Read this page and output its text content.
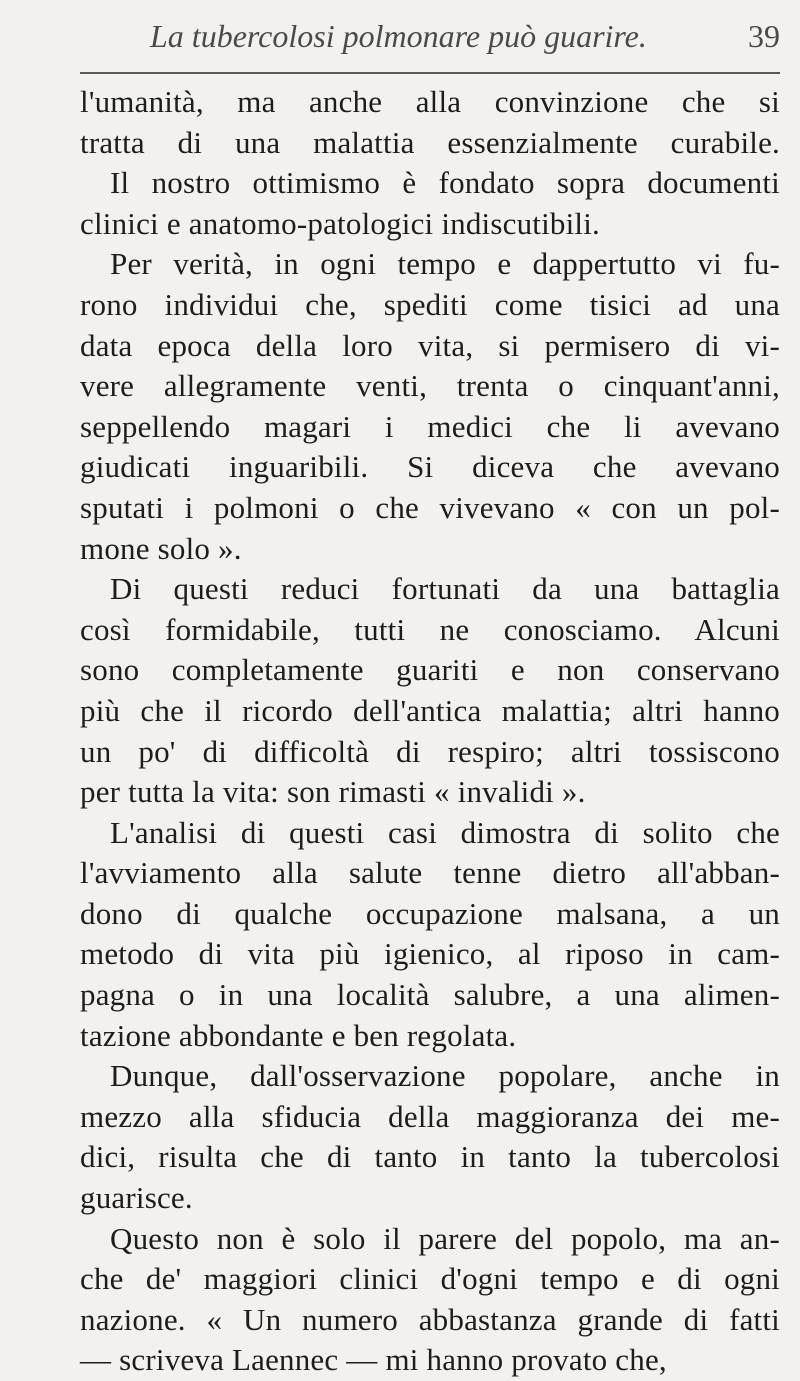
La tubercolosi polmonare può guarire.	39
l'umanità, ma anche alla convinzione che si
tratta di una malattia essenzialmente curabile.
Il nostro ottimismo è fondato sopra documenti
clinici e anatomo-patologici indiscutibili.
Per verità, in ogni tempo e dappertutto vi fu-
rono individui che, spediti come tisici ad una
data epoca della loro vita, si permisero di vi-
vere allegramente venti, trenta o cinquant'anni,
seppellendo magari i medici che li avevano
giudicati inguaribili. Si diceva che avevano
sputati i polmoni o che vivevano « con un pol-
mone solo ».
Di questi reduci fortunati da una battaglia
così formidabile, tutti ne conosciamo. Alcuni
sono completamente guariti e non conservano
più che il ricordo dell'antica malattia; altri hanno
un po' di difficoltà di respiro; altri tossiscono
per tutta la vita: son rimasti « invalidi ».
L'analisi di questi casi dimostra di solito che
l'avviamento alla salute tenne dietro all'abban-
dono di qualche occupazione malsana, a un
metodo di vita più igienico, al riposo in cam-
pagna o in una località salubre, a una alimen-
tazione abbondante e ben regolata.
Dunque, dall'osservazione popolare, anche in
mezzo alla sfiducia della maggioranza dei me-
dici, risulta che di tanto in tanto la tubercolosi
guarisce.
Questo non è solo il parere del popolo, ma an-
che de' maggiori clinici d'ogni tempo e di ogni
nazione. « Un numero abbastanza grande di fatti
— scriveva Laennec — mi hanno provato che,
